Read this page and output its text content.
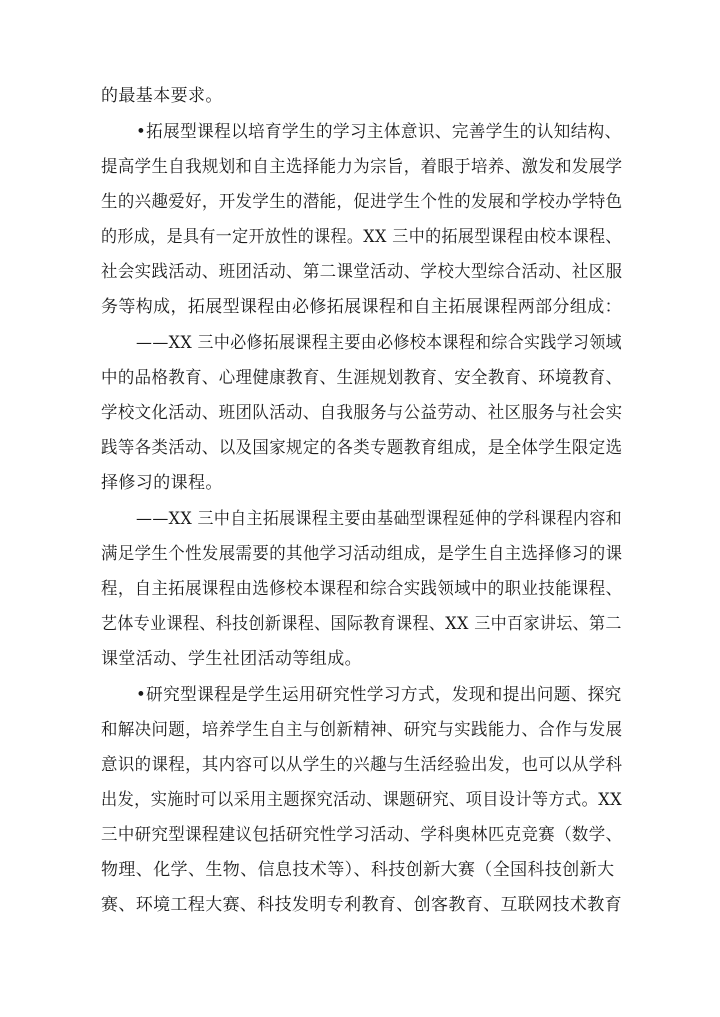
的最基本要求。
•拓展型课程以培育学生的学习主体意识、完善学生的认知结构、
提高学生自我规划和自主选择能力为宗旨，着眼于培养、激发和发展学
生的兴趣爱好，开发学生的潜能，促进学生个性的发展和学校办学特色
的形成，是具有一定开放性的课程。XX 三中的拓展型课程由校本课程、
社会实践活动、班团活动、第二课堂活动、学校大型综合活动、社区服
务等构成，拓展型课程由必修拓展课程和自主拓展课程两部分组成：
——XX 三中必修拓展课程主要由必修校本课程和综合实践学习领域
中的品格教育、心理健康教育、生涯规划教育、安全教育、环境教育、
学校文化活动、班团队活动、自我服务与公益劳动、社区服务与社会实
践等各类活动、以及国家规定的各类专题教育组成，是全体学生限定选
择修习的课程。
——XX 三中自主拓展课程主要由基础型课程延伸的学科课程内容和
满足学生个性发展需要的其他学习活动组成，是学生自主选择修习的课
程，自主拓展课程由选修校本课程和综合实践领域中的职业技能课程、
艺体专业课程、科技创新课程、国际教育课程、XX 三中百家讲坛、第二
课堂活动、学生社团活动等组成。
•研究型课程是学生运用研究性学习方式，发现和提出问题、探究
和解决问题，培养学生自主与创新精神、研究与实践能力、合作与发展
意识的课程，其内容可以从学生的兴趣与生活经验出发，也可以从学科
出发，实施时可以采用主题探究活动、课题研究、项目设计等方式。XX
三中研究型课程建议包括研究性学习活动、学科奥林匹克竞赛（数学、
物理、化学、生物、信息技术等）、科技创新大赛（全国科技创新大
赛、环境工程大赛、科技发明专利教育、创客教育、互联网技术教育
